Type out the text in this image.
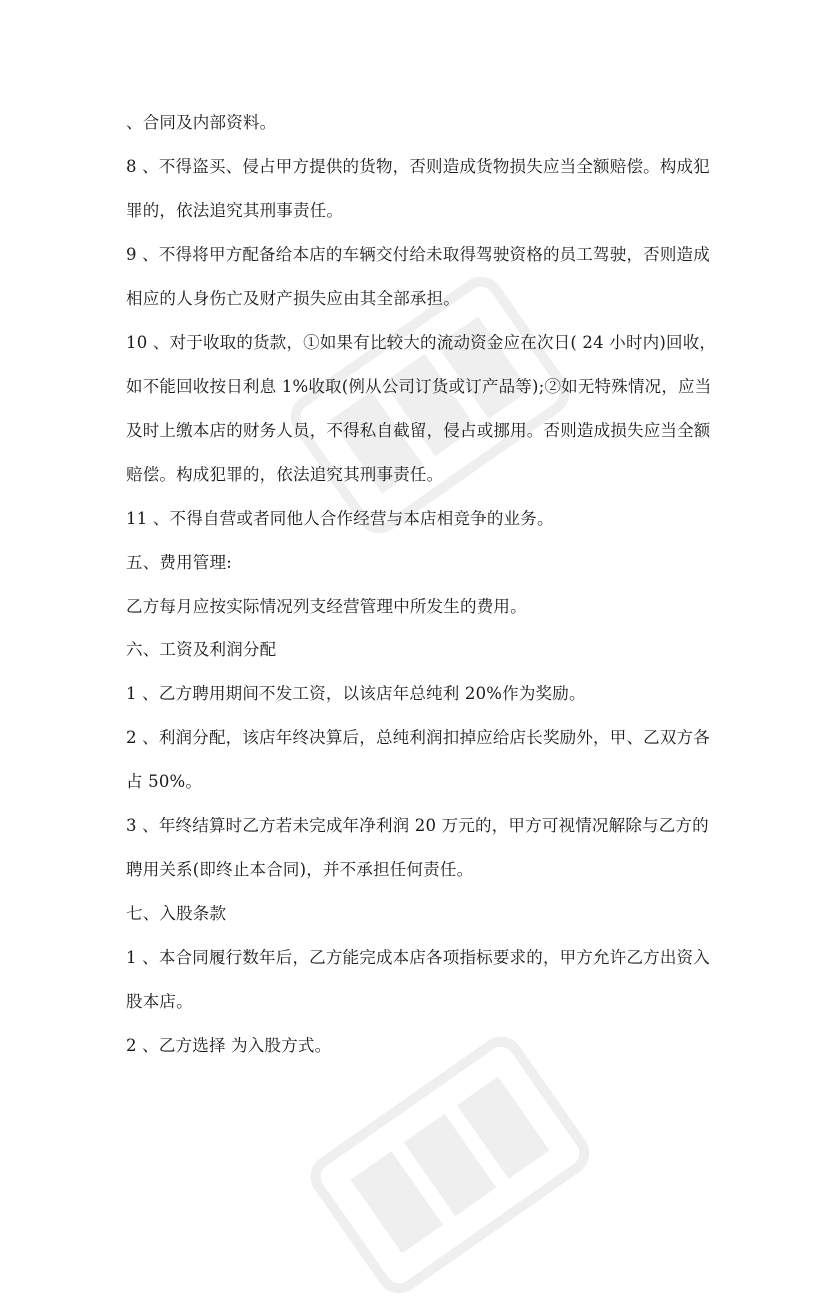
、合同及内部资料。
8 、不得盗买、侵占甲方提供的货物，否则造成货物损失应当全额赔偿。构成犯
罪的，依法追究其刑事责任。
9 、不得将甲方配备给本店的车辆交付给未取得驾驶资格的员工驾驶，否则造成
相应的人身伤亡及财产损失应由其全部承担。
10 、对于收取的货款，①如果有比较大的流动资金应在次日( 24 小时内)回收，
如不能回收按日利息 1%收取(例从公司订货或订产品等);②如无特殊情况，应当
及时上缴本店的财务人员，不得私自截留，侵占或挪用。否则造成损失应当全额
赔偿。构成犯罪的，依法追究其刑事责任。
11 、不得自营或者同他人合作经营与本店相竞争的业务。
五、费用管理:
乙方每月应按实际情况列支经营管理中所发生的费用。
六、工资及利润分配
1 、乙方聘用期间不发工资，以该店年总纯利 20%作为奖励。
2 、利润分配，该店年终决算后，总纯利润扣掉应给店长奖励外，甲、乙双方各
占 50%。
3 、年终结算时乙方若未完成年净利润 20 万元的，甲方可视情况解除与乙方的
聘用关系(即终止本合同)，并不承担任何责任。
七、入股条款
1 、本合同履行数年后，乙方能完成本店各项指标要求的，甲方允许乙方出资入
股本店。
2 、乙方选择 为入股方式。
